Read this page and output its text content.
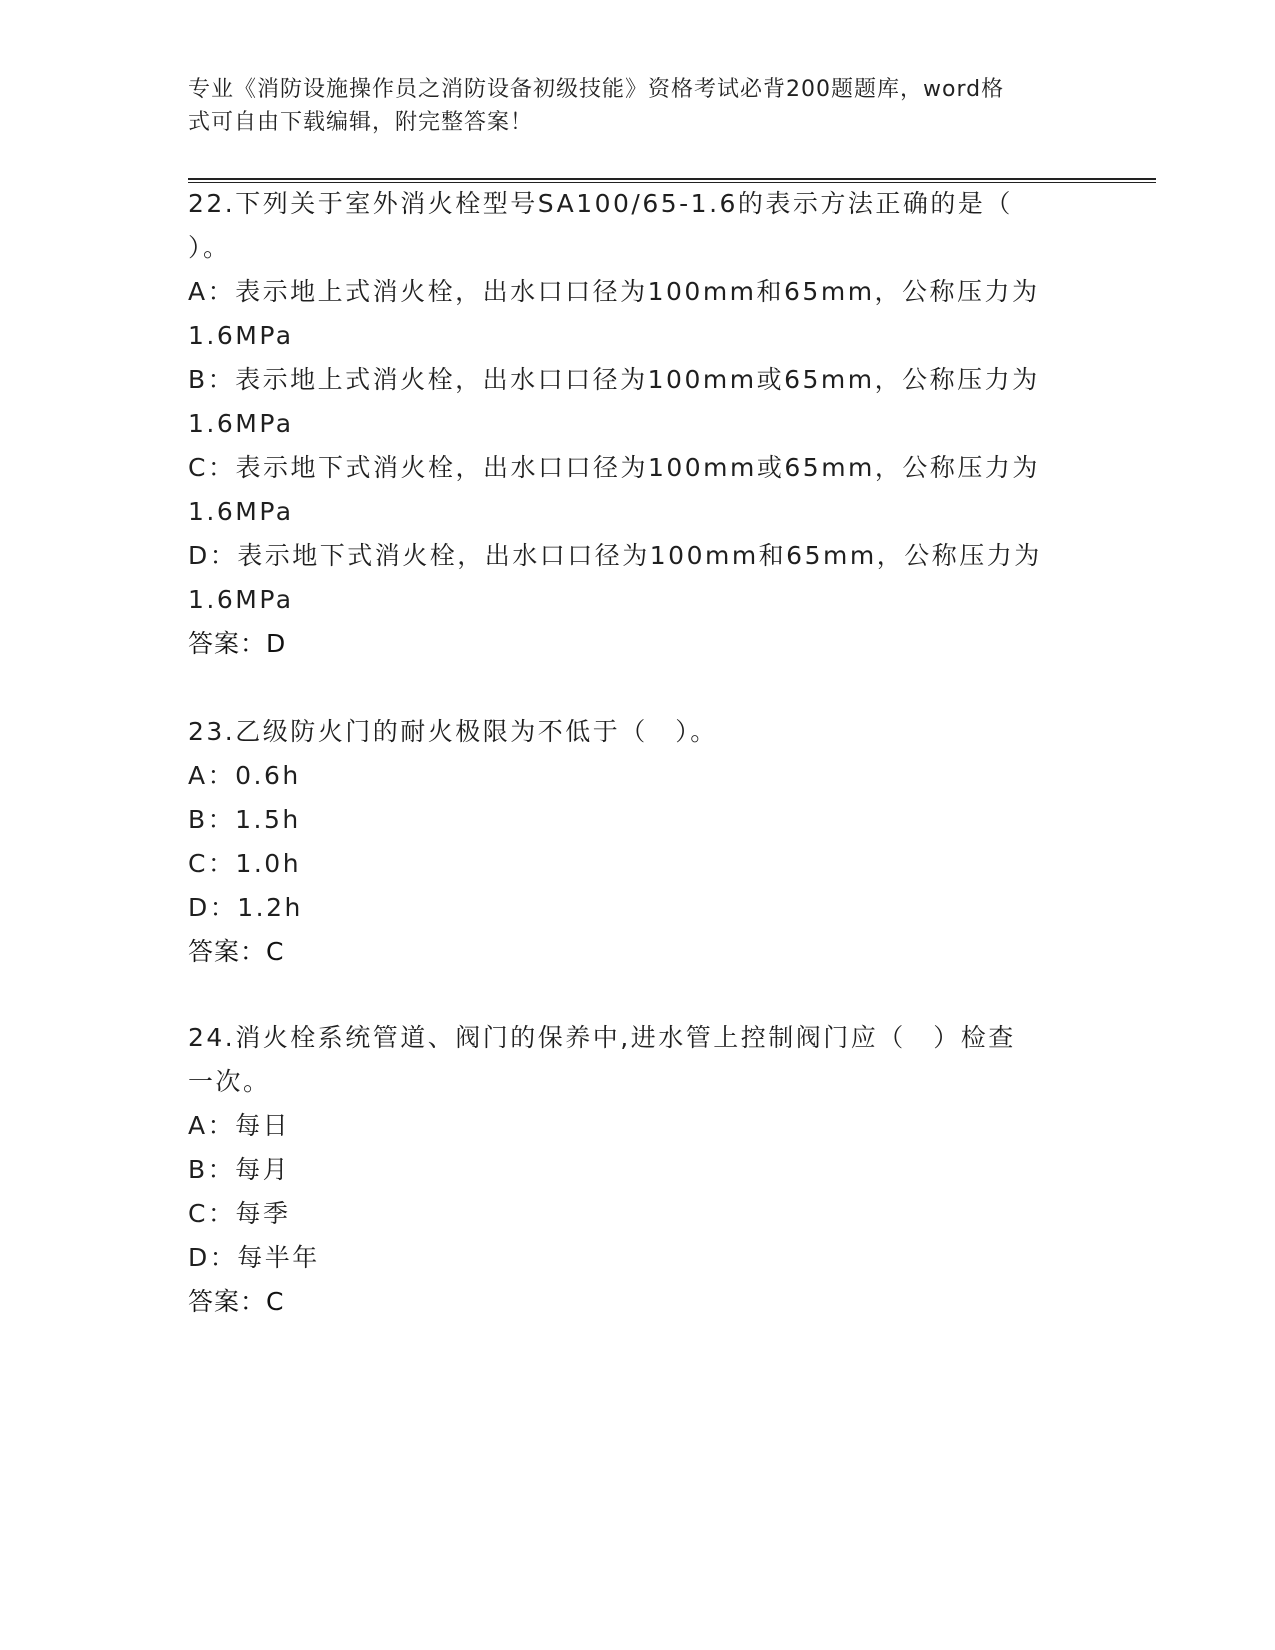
专业《消防设施操作员之消防设备初级技能》资格考试必背200题题库，word格
式可自由下载编辑，附完整答案！
22.下列关于室外消火栓型号SA100/65-1.6的表示方法正确的是（
）。
A：表示地上式消火栓，出水口口径为100mm和65mm，公称压力为
1.6MPa
B：表示地上式消火栓，出水口口径为100mm或65mm，公称压力为
1.6MPa
C：表示地下式消火栓，出水口口径为100mm或65mm，公称压力为
1.6MPa
D：表示地下式消火栓，出水口口径为100mm和65mm，公称压力为
1.6MPa
答案：D
23.乙级防火门的耐火极限为不低于（　）。
A：0.6h
B：1.5h
C：1.0h
D：1.2h
答案：C
24.消火栓系统管道、阀门的保养中,进水管上控制阀门应（　）检查
一次。
A：每日
B：每月
C：每季
D：每半年
答案：C
